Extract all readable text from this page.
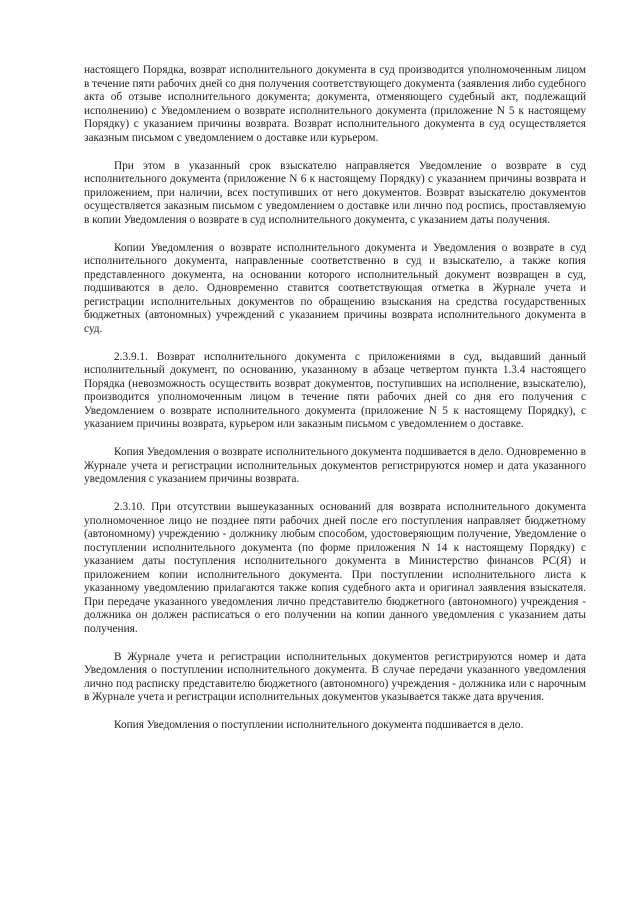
настоящего Порядка, возврат исполнительного документа в суд производится уполномоченным лицом в течение пяти рабочих дней со дня получения соответствующего документа (заявления либо судебного акта об отзыве исполнительного документа; документа, отменяющего судебный акт, подлежащий исполнению) с Уведомлением о возврате исполнительного документа (приложение N 5 к настоящему Порядку) с указанием причины возврата. Возврат исполнительного документа в суд осуществляется заказным письмом с уведомлением о доставке или курьером.

При этом в указанный срок взыскателю направляется Уведомление о возврате в суд исполнительного документа (приложение N 6 к настоящему Порядку) с указанием причины возврата и приложением, при наличии, всех поступивших от него документов. Возврат взыскателю документов осуществляется заказным письмом с уведомлением о доставке или лично под роспись, проставляемую в копии Уведомления о возврате в суд исполнительного документа, с указанием даты получения.

Копии Уведомления о возврате исполнительного документа и Уведомления о возврате в суд исполнительного документа, направленные соответственно в суд и взыскателю, а также копия представленного документа, на основании которого исполнительный документ возвращен в суд, подшиваются в дело. Одновременно ставится соответствующая отметка в Журнале учета и регистрации исполнительных документов по обращению взыскания на средства государственных бюджетных (автономных) учреждений с указанием причины возврата исполнительного документа в суд.

2.3.9.1. Возврат исполнительного документа с приложениями в суд, выдавший данный исполнительный документ, по основанию, указанному в абзаце четвертом пункта 1.3.4 настоящего Порядка (невозможность осуществить возврат документов, поступивших на исполнение, взыскателю), производится уполномоченным лицом в течение пяти рабочих дней со дня его получения с Уведомлением о возврате исполнительного документа (приложение N 5 к настоящему Порядку), с указанием причины возврата, курьером или заказным письмом с уведомлением о доставке.

Копия Уведомления о возврате исполнительного документа подшивается в дело. Одновременно в Журнале учета и регистрации исполнительных документов регистрируются номер и дата указанного уведомления с указанием причины возврата.

2.3.10. При отсутствии вышеуказанных оснований для возврата исполнительного документа уполномоченное лицо не позднее пяти рабочих дней после его поступления направляет бюджетному (автономному) учреждению - должнику любым способом, удостоверяющим получение, Уведомление о поступлении исполнительного документа (по форме приложения N 14 к настоящему Порядку) с указанием даты поступления исполнительного документа в Министерство финансов РС(Я) и приложением копии исполнительного документа. При поступлении исполнительного листа к указанному уведомлению прилагаются также копия судебного акта и оригинал заявления взыскателя. При передаче указанного уведомления лично представителю бюджетного (автономного) учреждения - должника он должен расписаться о его получении на копии данного уведомления с указанием даты получения.

В Журнале учета и регистрации исполнительных документов регистрируются номер и дата Уведомления о поступлении исполнительного документа. В случае передачи указанного уведомления лично под расписку представителю бюджетного (автономного) учреждения - должника или с нарочным в Журнале учета и регистрации исполнительных документов указывается также дата вручения.

Копия Уведомления о поступлении исполнительного документа подшивается в дело.
